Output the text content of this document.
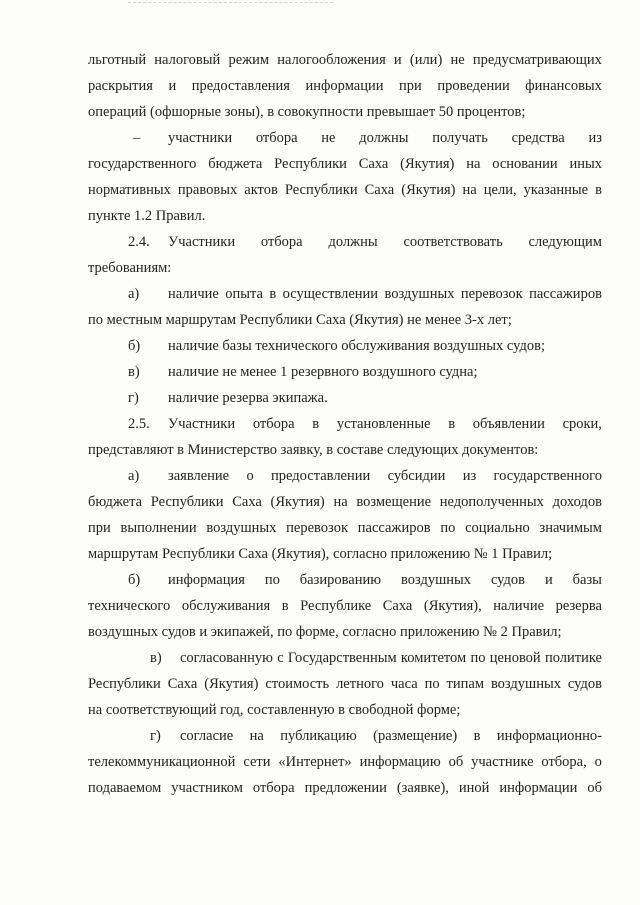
льготный налоговый режим налогообложения и (или) не предусматривающих
раскрытия и предоставления информации при проведении финансовых
операций (офшорные зоны), в совокупности превышает 50 процентов;
– участники отбора не должны получать средства из
государственного бюджета Республики Саха (Якутия) на основании иных
нормативных правовых актов Республики Саха (Якутия) на цели, указанные в
пункте 1.2 Правил.
2.4. Участники отбора должны соответствовать следующим
требованиям:
а) наличие опыта в осуществлении воздушных перевозок пассажиров
по местным маршрутам Республики Саха (Якутия) не менее 3-х лет;
б) наличие базы технического обслуживания воздушных судов;
в) наличие не менее 1 резервного воздушного судна;
г) наличие резерва экипажа.
2.5. Участники отбора в установленные в объявлении сроки,
представляют в Министерство заявку, в составе следующих документов:
а) заявление о предоставлении субсидии из государственного
бюджета Республики Саха (Якутия) на возмещение недополученных доходов
при выполнении воздушных перевозок пассажиров по социально значимым
маршрутам Республики Саха (Якутия), согласно приложению № 1 Правил;
б) информация по базированию воздушных судов и базы
технического обслуживания в Республике Саха (Якутия), наличие резерва
воздушных судов и экипажей, по форме, согласно приложению № 2 Правил;
в) согласованную с Государственным комитетом по ценовой политике
Республики Саха (Якутия) стоимость летного часа по типам воздушных судов
на соответствующий год, составленную в свободной форме;
г) согласие на публикацию (размещение) в информационно-
телекоммуникационной сети «Интернет» информацию об участнике отбора, о
подаваемом участником отбора предложении (заявке), иной информации об
